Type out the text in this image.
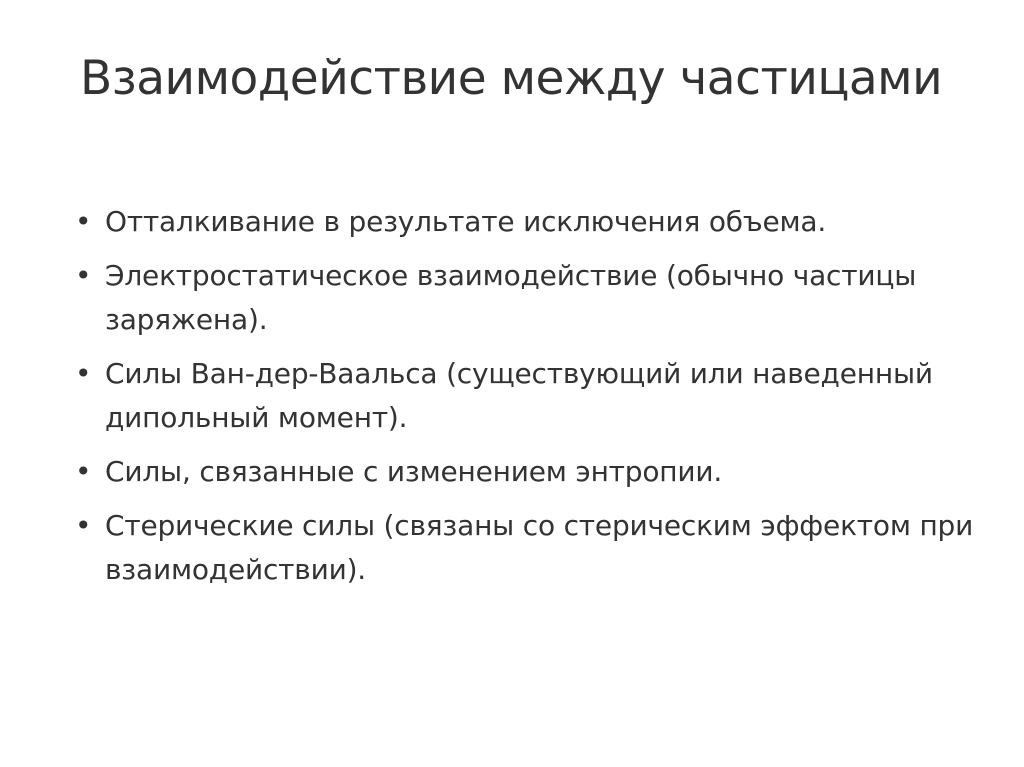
Взаимодействие между частицами
• Отталкивание в результате исключения объема.
• Электростатическое взаимодействие (обычно частицы заряжена).
• Силы Ван-дер-Ваальса (существующий или наведенный дипольный момент).
• Силы, связанные с изменением энтропии.
• Стерические силы (связаны со стерическим эффектом при взаимодействии).
